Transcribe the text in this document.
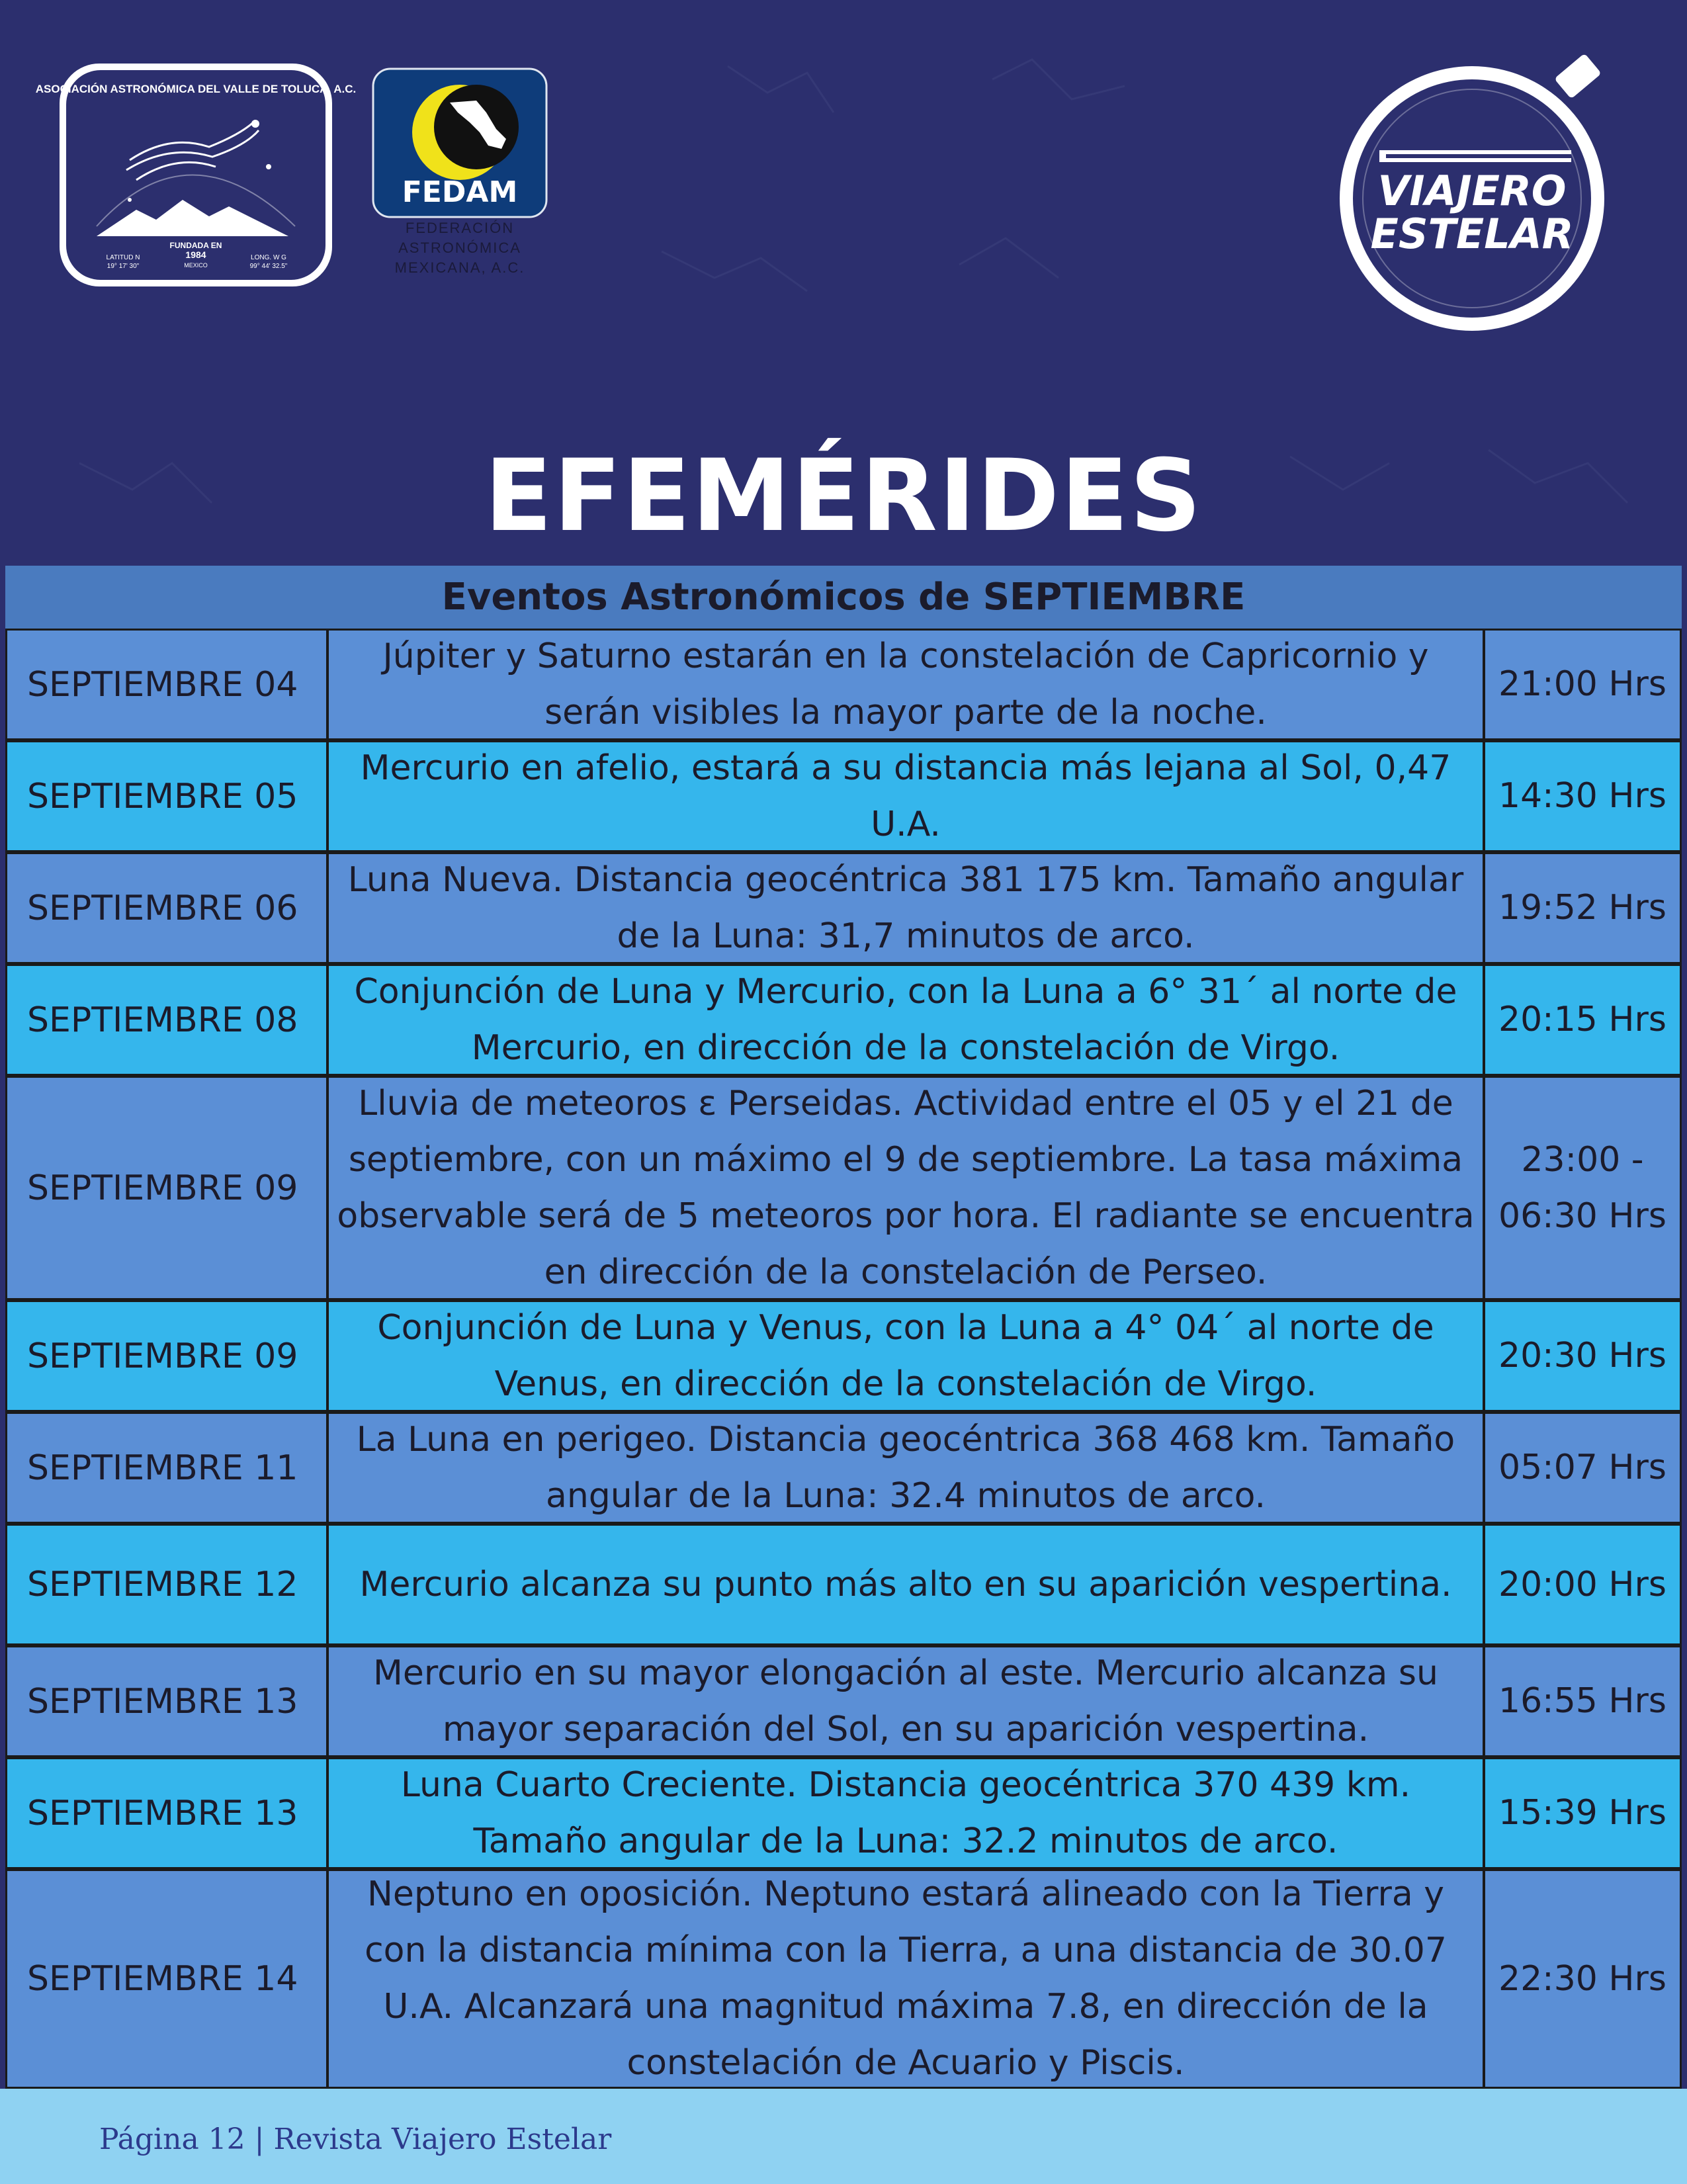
ASOCIACIÓN ASTRONÓMICA DEL VALLE DE TOLUCA, A.C.
FUNDADA EN
1984
MEXICO
LATITUD N
19° 17' 30"
LONG. W G
99° 44' 32.5"
FEDAM
FEDERACIÓN
ASTRONÓMICA
MEXICANA, A.C.
VIAJERO
ESTELAR
EFEMÉRIDES
Eventos Astronómicos de SEPTIEMBRE
SEPTIEMBRE 04
Júpiter y Saturno estarán en la constelación de Capricornio y serán visibles la mayor parte de la noche.
21:00 Hrs
SEPTIEMBRE 05
Mercurio en afelio, estará a su distancia más lejana al Sol, 0,47 U.A.
14:30 Hrs
SEPTIEMBRE 06
Luna Nueva. Distancia geocéntrica 381 175 km. Tamaño angular de la Luna: 31,7 minutos de arco.
19:52 Hrs
SEPTIEMBRE 08
Conjunción de Luna y Mercurio, con la Luna a 6° 31´ al norte de Mercurio, en dirección de la constelación de Virgo.
20:15 Hrs
SEPTIEMBRE 09
Lluvia de meteoros ε Perseidas. Actividad entre el 05 y el 21 de septiembre, con un máximo el 9 de septiembre. La tasa máxima observable será de 5 meteoros por hora. El radiante se encuentra en dirección de la constelación de Perseo.
23:00 - 06:30 Hrs
SEPTIEMBRE 09
Conjunción de Luna y Venus, con la Luna a 4° 04´ al norte de Venus, en dirección de la constelación de Virgo.
20:30 Hrs
SEPTIEMBRE 11
La Luna en perigeo. Distancia geocéntrica 368 468 km. Tamaño angular de la Luna: 32.4 minutos de arco.
05:07 Hrs
SEPTIEMBRE 12	Mercurio alcanza su punto más alto en su aparición vespertina.	20:00 Hrs
SEPTIEMBRE 13
Mercurio en su mayor elongación al este. Mercurio alcanza su mayor separación del Sol, en su aparición vespertina.
16:55 Hrs
SEPTIEMBRE 13
Luna Cuarto Creciente. Distancia geocéntrica 370 439 km. Tamaño angular de la Luna: 32.2 minutos de arco.
15:39 Hrs
SEPTIEMBRE 14
Neptuno en oposición. Neptuno estará alineado con la Tierra y con la distancia mínima con la Tierra, a una distancia de 30.07 U.A. Alcanzará una magnitud máxima 7.8, en dirección de la constelación de Acuario y Piscis.
22:30 Hrs
Página 12 | Revista Viajero Estelar
